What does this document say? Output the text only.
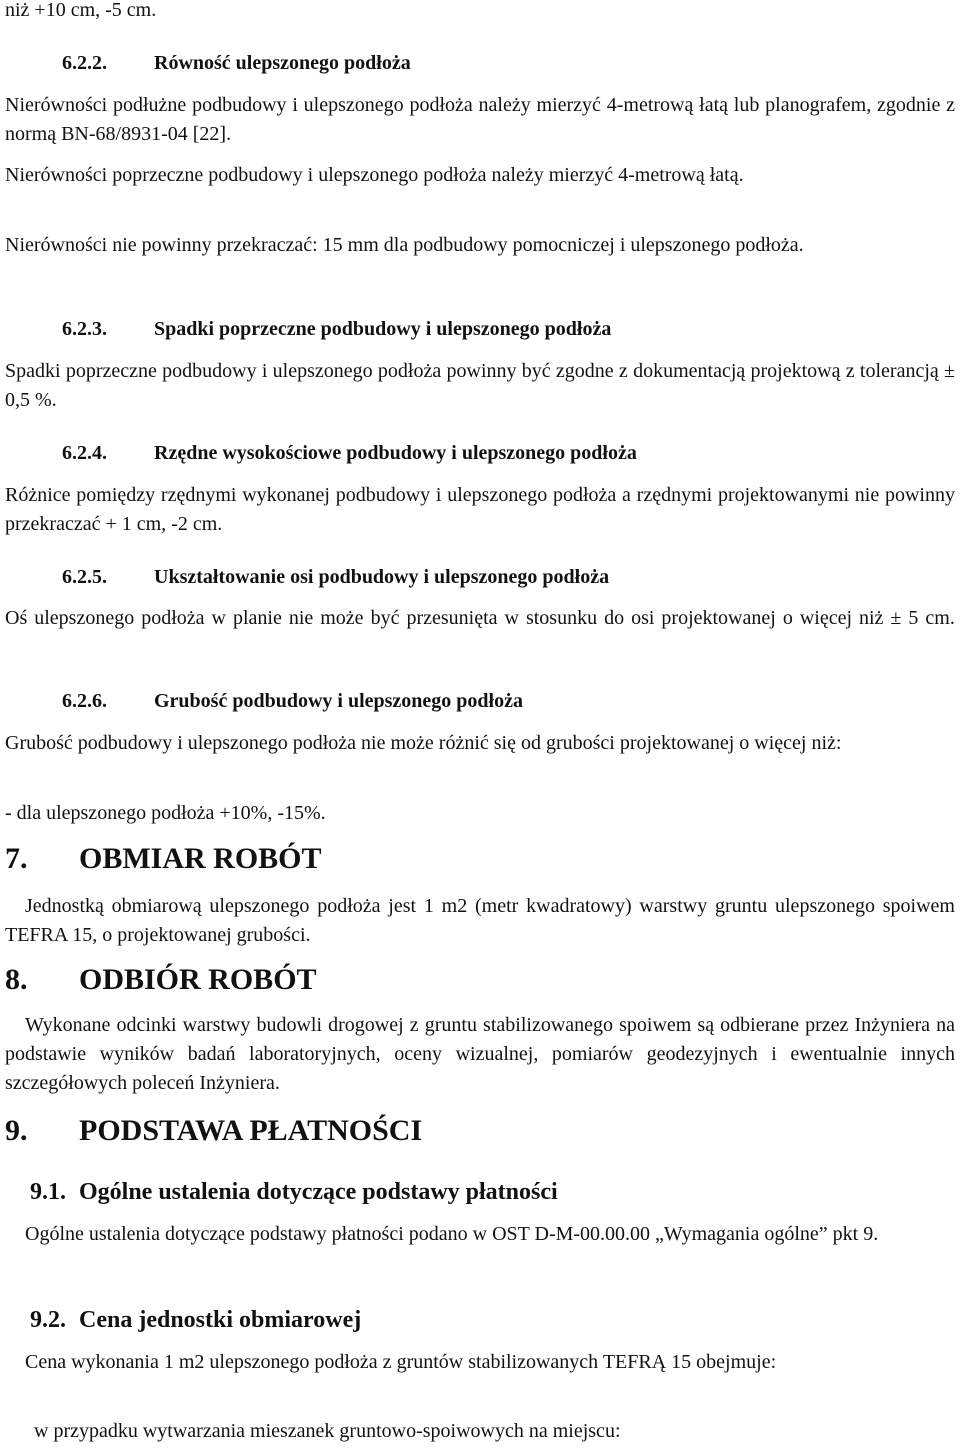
niż +10 cm, -5 cm.
6.2.2. Równość ulepszonego podłoża
Nierówności podłużne podbudowy i ulepszonego podłoża należy mierzyć 4-metrową łatą lub planografem, zgodnie z normą BN-68/8931-04 [22].
Nierówności poprzeczne podbudowy i ulepszonego podłoża należy mierzyć 4-metrową łatą.
Nierówności nie powinny przekraczać: 15 mm dla podbudowy pomocniczej i ulepszonego podłoża.
6.2.3. Spadki poprzeczne podbudowy i ulepszonego podłoża
Spadki poprzeczne podbudowy i ulepszonego podłoża powinny być zgodne z dokumentacją projektową z tolerancją ± 0,5 %.
6.2.4. Rzędne wysokościowe podbudowy i ulepszonego podłoża
Różnice pomiędzy rzędnymi wykonanej podbudowy i ulepszonego podłoża a rzędnymi projektowanymi nie powinny przekraczać + 1 cm, -2 cm.
6.2.5. Ukształtowanie osi podbudowy i ulepszonego podłoża
Oś ulepszonego podłoża w planie nie może być przesunięta w stosunku do osi projektowanej o więcej niż ± 5 cm.
6.2.6. Grubość podbudowy i ulepszonego podłoża
Grubość podbudowy i ulepszonego podłoża nie może różnić się od grubości projektowanej o więcej niż:
- dla ulepszonego podłoża +10%, -15%.
7. OBMIAR ROBÓT
Jednostką obmiarową ulepszonego podłoża jest 1 m2 (metr kwadratowy) warstwy gruntu ulepszonego spoiwem TEFRA 15, o projektowanej grubości.
8. ODBIÓR ROBÓT
Wykonane odcinki warstwy budowli drogowej z gruntu stabilizowanego spoiwem są odbierane przez Inżyniera na podstawie wyników badań laboratoryjnych, oceny wizualnej, pomiarów geodezyjnych i ewentualnie innych szczegółowych poleceń Inżyniera.
9. PODSTAWA PŁATNOŚCI
9.1. Ogólne ustalenia dotyczące podstawy płatności
Ogólne ustalenia dotyczące podstawy płatności podano w OST D-M-00.00.00 „Wymagania ogólne” pkt 9.
9.2. Cena jednostki obmiarowej
Cena wykonania 1 m2 ulepszonego podłoża z gruntów stabilizowanych TEFRĄ 15 obejmuje:
w przypadku wytwarzania mieszanek gruntowo-spoiwowych na miejscu:
